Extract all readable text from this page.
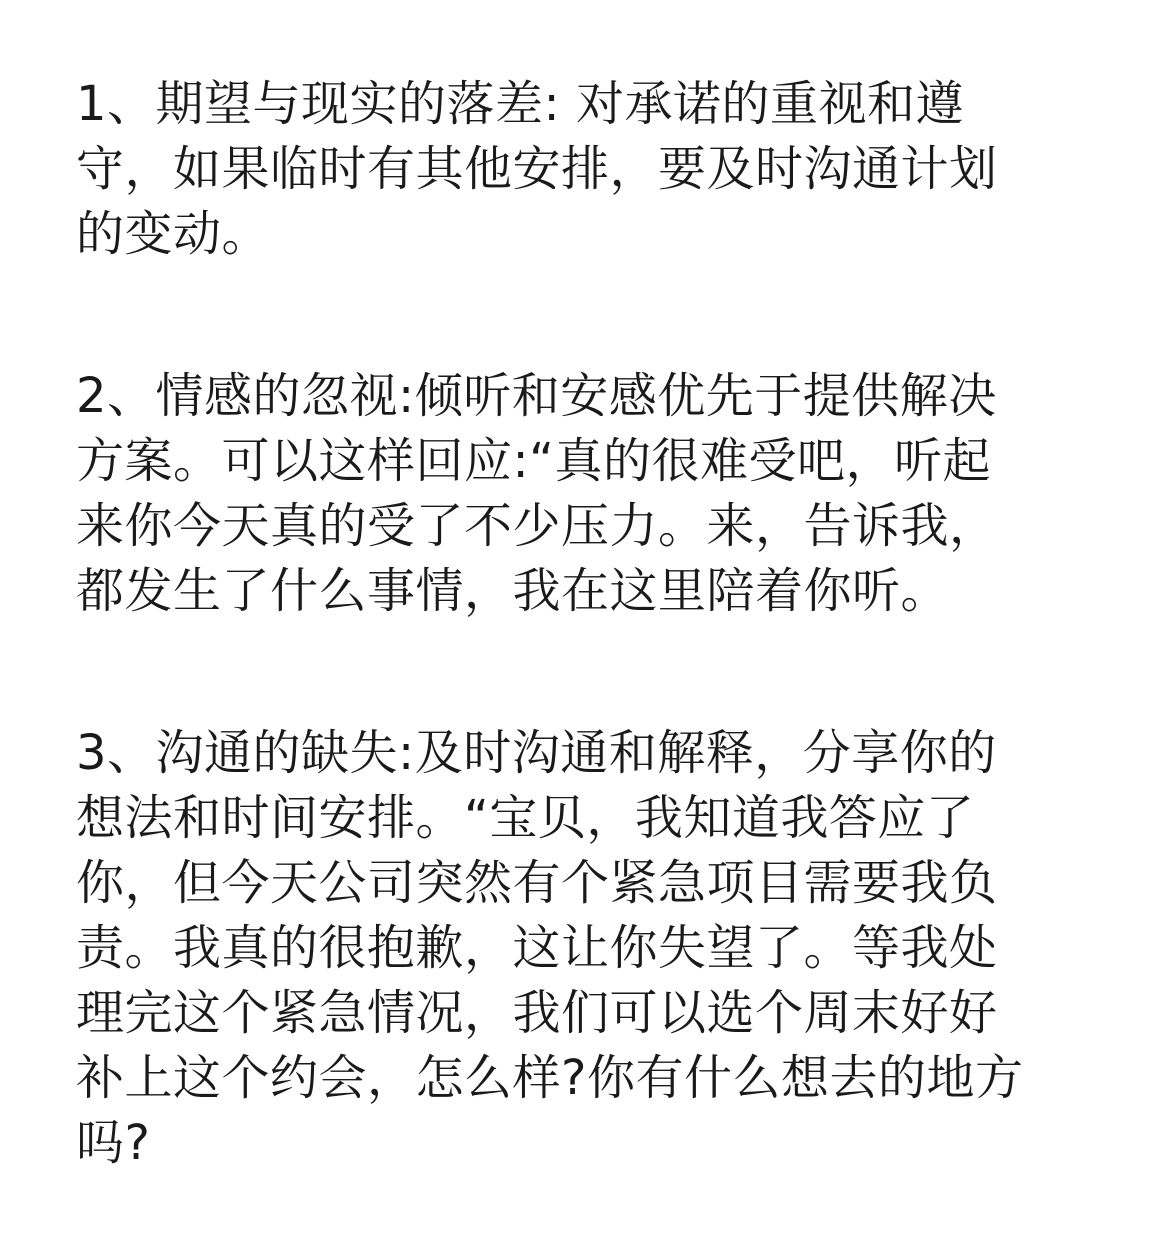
1、期望与现实的落差: 对承诺的重视和遵
守，如果临时有其他安排，要及时沟通计划
的变动。
2、情感的忽视:倾听和安感优先于提供解决
方案。可以这样回应:“真的很难受吧，听起
来你今天真的受了不少压力。来，告诉我，
都发生了什么事情，我在这里陪着你听。
3、沟通的缺失:及时沟通和解释，分享你的
想法和时间安排。“宝贝，我知道我答应了
你，但今天公司突然有个紧急项目需要我负
责。我真的很抱歉，这让你失望了。等我处
理完这个紧急情况，我们可以选个周末好好
补上这个约会，怎么样?你有什么想去的地方
吗?
